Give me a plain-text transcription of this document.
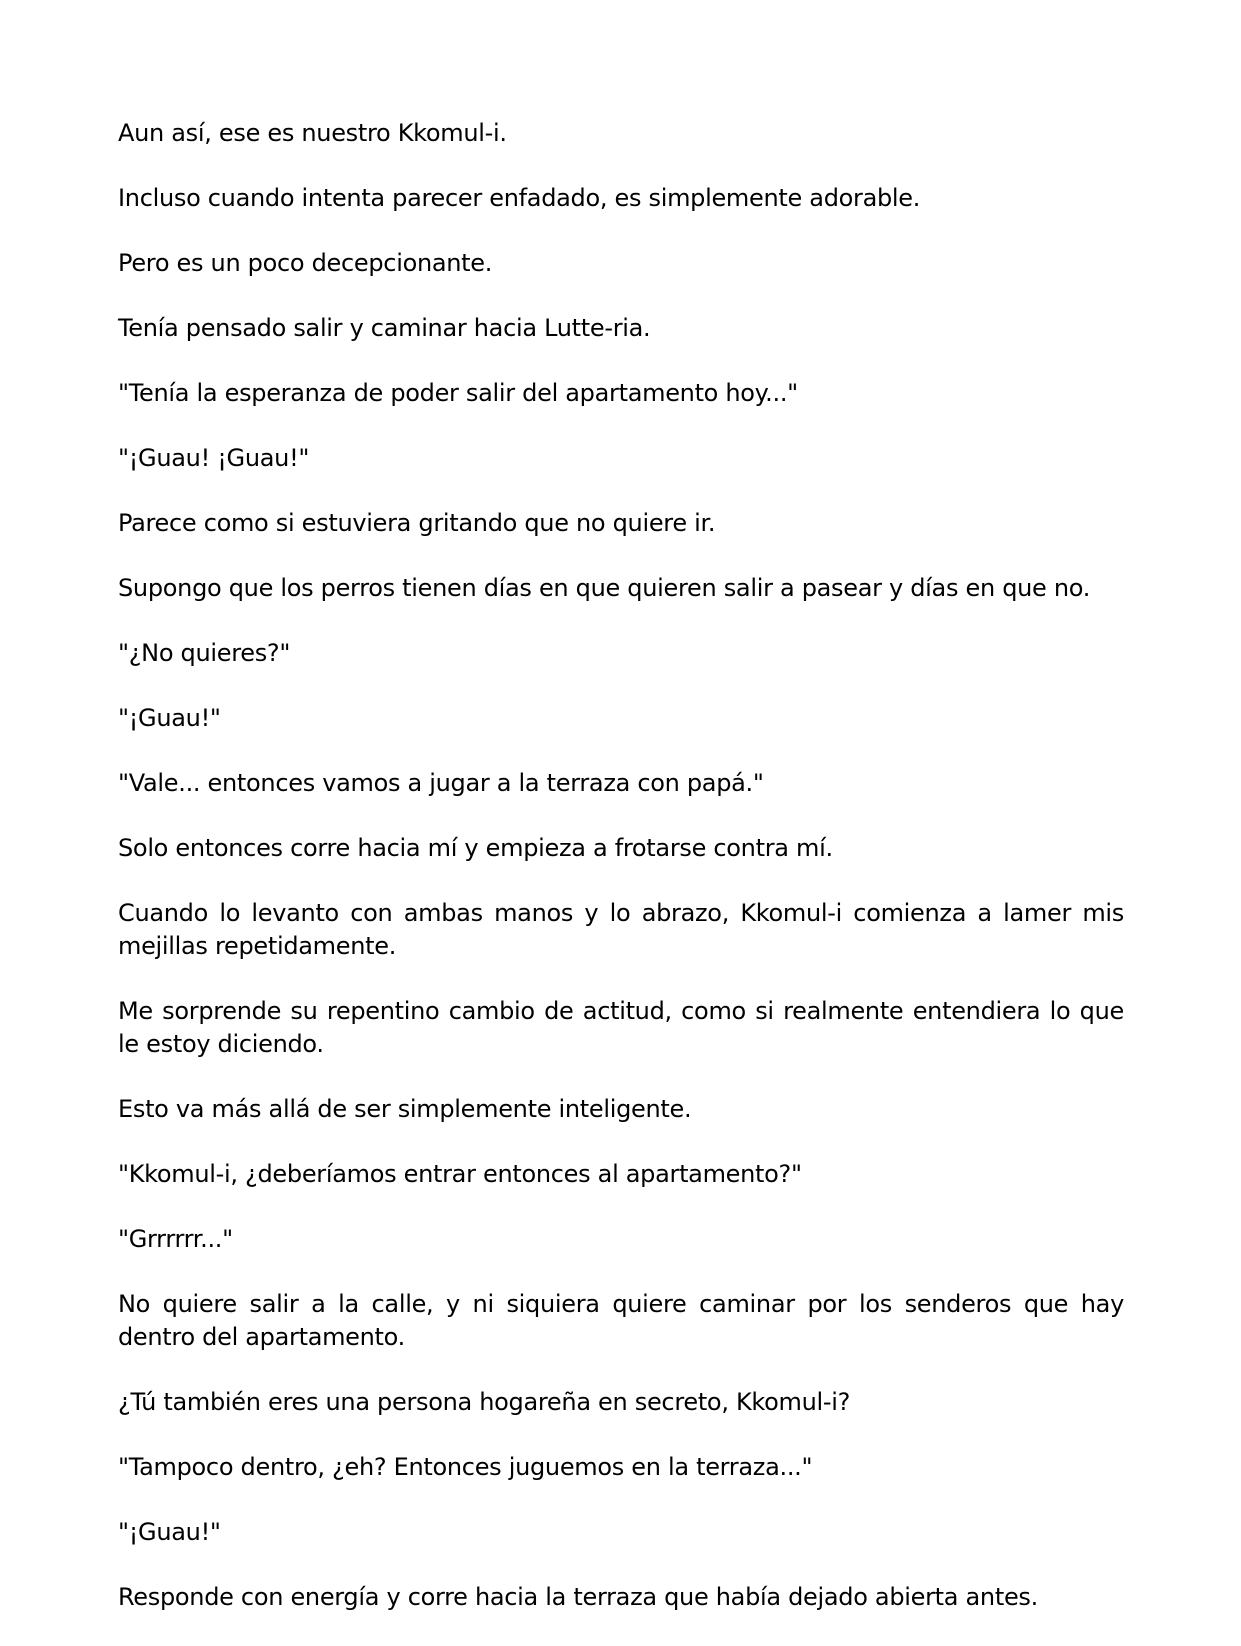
Aun así, ese es nuestro Kkomul-i.

Incluso cuando intenta parecer enfadado, es simplemente adorable.

Pero es un poco decepcionante.

Tenía pensado salir y caminar hacia Lutte-ria.

"Tenía la esperanza de poder salir del apartamento hoy..."

"¡Guau! ¡Guau!"

Parece como si estuviera gritando que no quiere ir.

Supongo que los perros tienen días en que quieren salir a pasear y días en que no.

"¿No quieres?"

"¡Guau!"

"Vale... entonces vamos a jugar a la terraza con papá."

Solo entonces corre hacia mí y empieza a frotarse contra mí.

Cuando lo levanto con ambas manos y lo abrazo, Kkomul-i comienza a lamer mis mejillas repetidamente.

Me sorprende su repentino cambio de actitud, como si realmente entendiera lo que le estoy diciendo.

Esto va más allá de ser simplemente inteligente.

"Kkomul-i, ¿deberíamos entrar entonces al apartamento?"

"Grrrrrr..."

No quiere salir a la calle, y ni siquiera quiere caminar por los senderos que hay dentro del apartamento.

¿Tú también eres una persona hogareña en secreto, Kkomul-i?

"Tampoco dentro, ¿eh? Entonces juguemos en la terraza..."

"¡Guau!"

Responde con energía y corre hacia la terraza que había dejado abierta antes.
